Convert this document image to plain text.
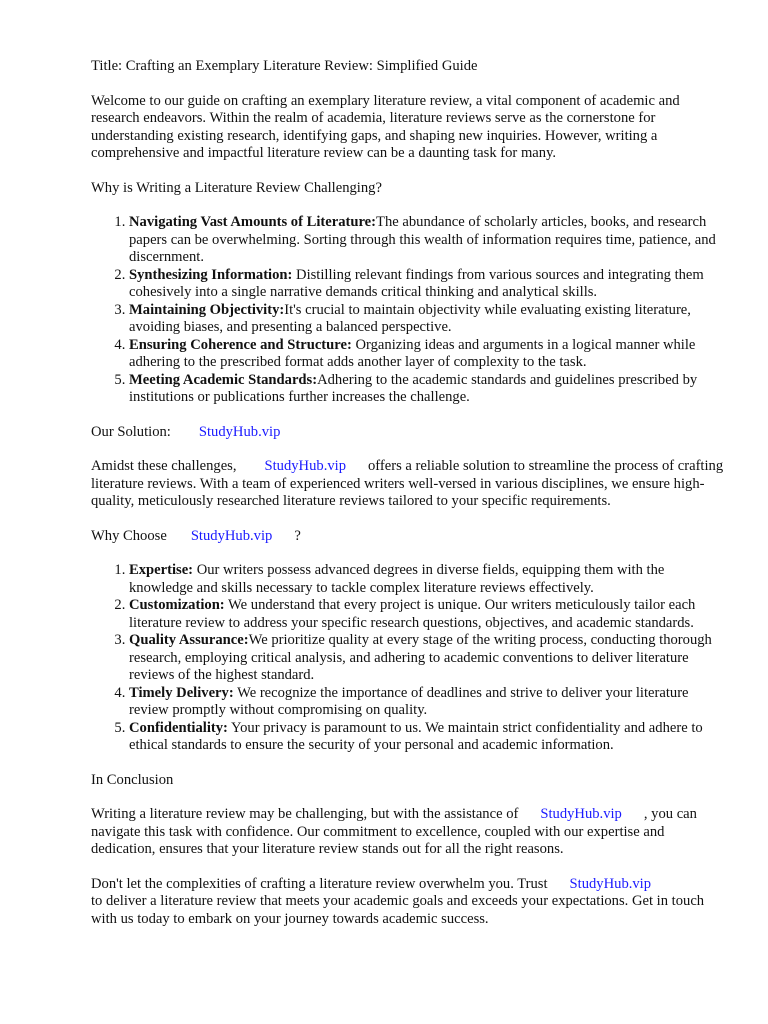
Title: Crafting an Exemplary Literature Review: Simplified Guide

Welcome to our guide on crafting an exemplary literature review, a vital component of academic and research endeavors. Within the realm of academia, literature reviews serve as the cornerstone for understanding existing research, identifying gaps, and shaping new inquiries. However, writing a comprehensive and impactful literature review can be a daunting task for many.

Why is Writing a Literature Review Challenging?

1. Navigating Vast Amounts of Literature:The abundance of scholarly articles, books, and research papers can be overwhelming. Sorting through this wealth of information requires time, patience, and discernment.
2. Synthesizing Information: Distilling relevant findings from various sources and integrating them cohesively into a single narrative demands critical thinking and analytical skills.
3. Maintaining Objectivity:It's crucial to maintain objectivity while evaluating existing literature, avoiding biases, and presenting a balanced perspective.
4. Ensuring Coherence and Structure: Organizing ideas and arguments in a logical manner while adhering to the prescribed format adds another layer of complexity to the task.
5. Meeting Academic Standards:Adhering to the academic standards and guidelines prescribed by institutions or publications further increases the challenge.

Our Solution: StudyHub.vip

Amidst these challenges, StudyHub.vip offers a reliable solution to streamline the process of crafting literature reviews. With a team of experienced writers well-versed in various disciplines, we ensure high-quality, meticulously researched literature reviews tailored to your specific requirements.

Why Choose StudyHub.vip ?

1. Expertise: Our writers possess advanced degrees in diverse fields, equipping them with the knowledge and skills necessary to tackle complex literature reviews effectively.
2. Customization: We understand that every project is unique. Our writers meticulously tailor each literature review to address your specific research questions, objectives, and academic standards.
3. Quality Assurance:We prioritize quality at every stage of the writing process, conducting thorough research, employing critical analysis, and adhering to academic conventions to deliver literature reviews of the highest standard.
4. Timely Delivery: We recognize the importance of deadlines and strive to deliver your literature review promptly without compromising on quality.
5. Confidentiality: Your privacy is paramount to us. We maintain strict confidentiality and adhere to ethical standards to ensure the security of your personal and academic information.

In Conclusion

Writing a literature review may be challenging, but with the assistance of StudyHub.vip , you can navigate this task with confidence. Our commitment to excellence, coupled with our expertise and dedication, ensures that your literature review stands out for all the right reasons.

Don't let the complexities of crafting a literature review overwhelm you. Trust StudyHub.vip
to deliver a literature review that meets your academic goals and exceeds your expectations. Get in touch with us today to embark on your journey towards academic success.
